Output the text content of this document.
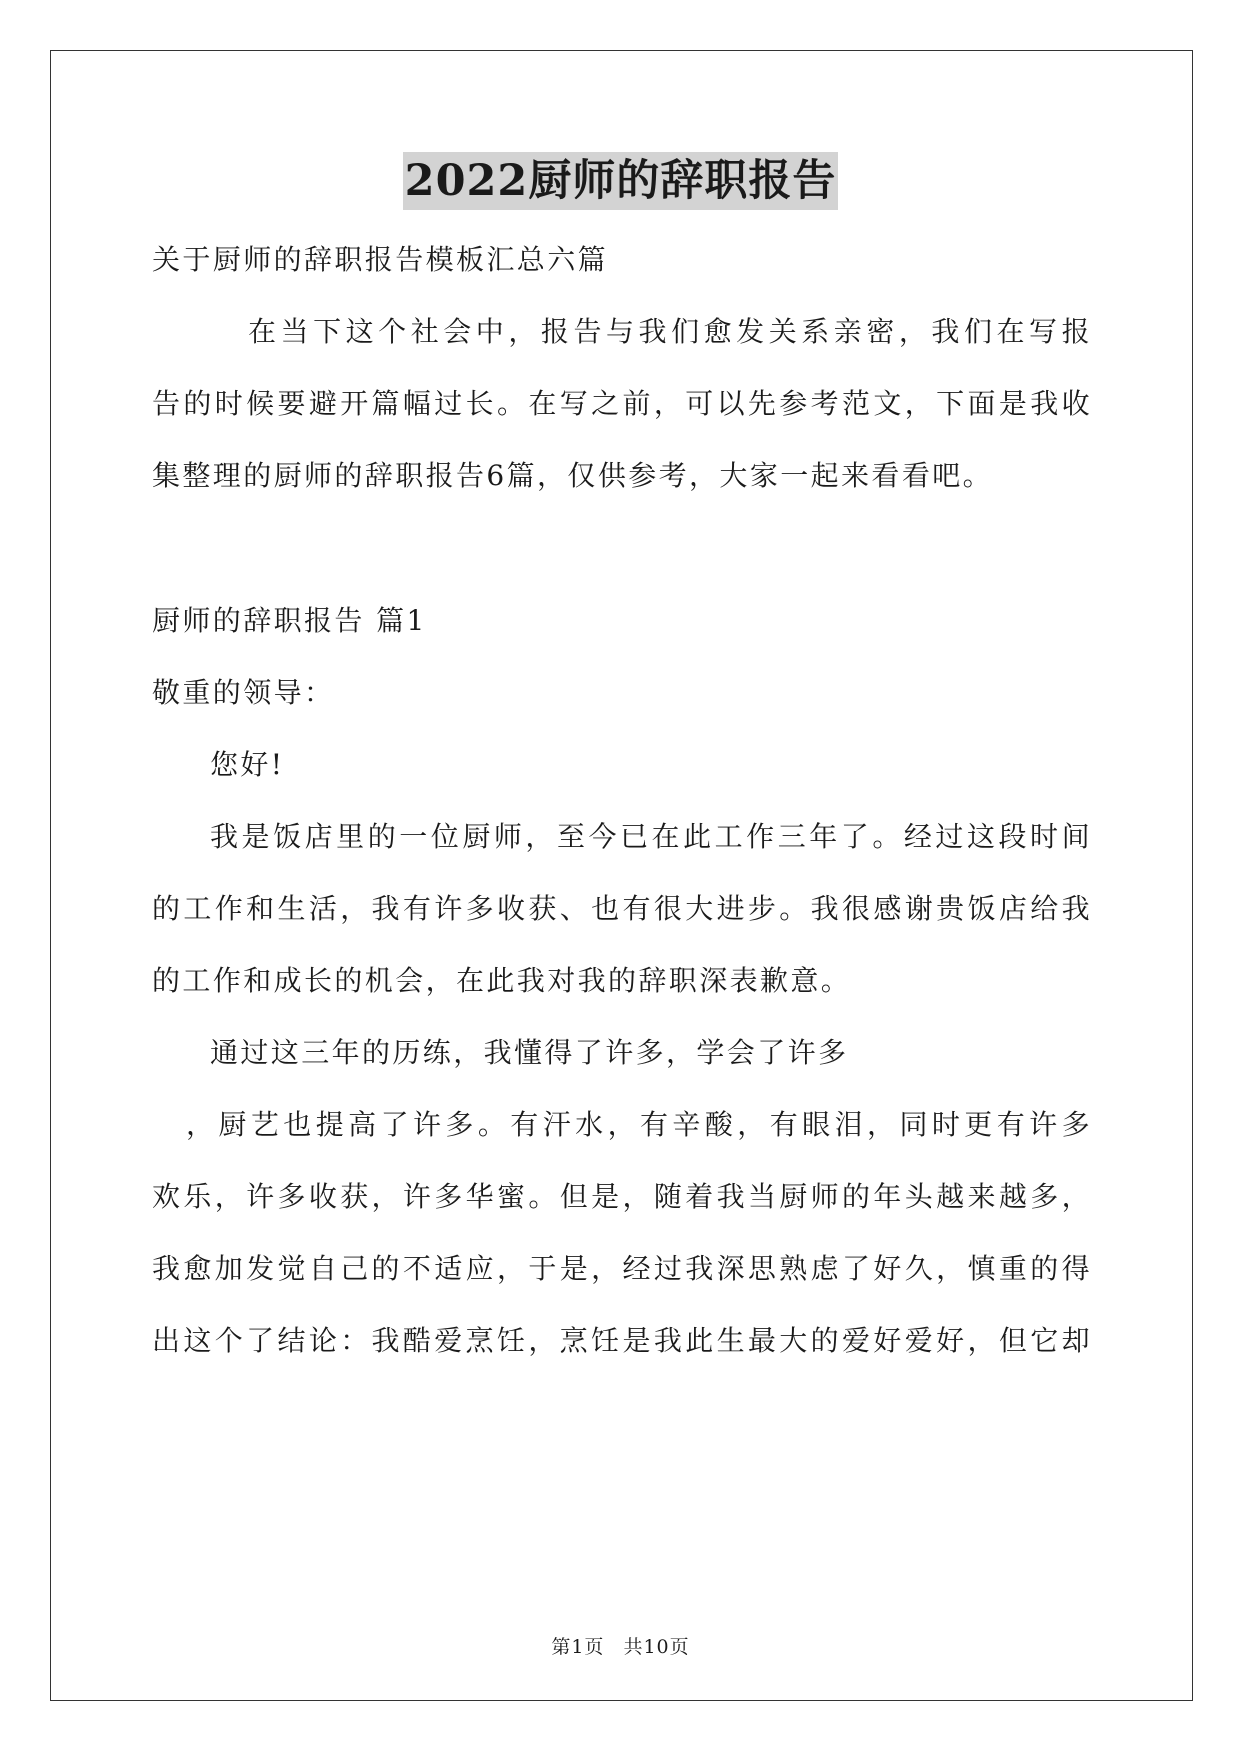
2022厨师的辞职报告
关于厨师的辞职报告模板汇总六篇
在当下这个社会中，报告与我们愈发关系亲密，我们在写报
告的时候要避开篇幅过长。在写之前，可以先参考范文，下面是我收
集整理的厨师的辞职报告6篇，仅供参考，大家一起来看看吧。
厨师的辞职报告 篇1
敬重的领导：
您好!
我是饭店里的一位厨师，至今已在此工作三年了。经过这段时间
的工作和生活，我有许多收获、也有很大进步。我很感谢贵饭店给我
的工作和成长的机会，在此我对我的辞职深表歉意。
通过这三年的历练，我懂得了许多，学会了许多
，厨艺也提高了许多。有汗水，有辛酸，有眼泪，同时更有许多
欢乐，许多收获，许多华蜜。但是，随着我当厨师的年头越来越多，
我愈加发觉自己的不适应，于是，经过我深思熟虑了好久，慎重的得
出这个了结论：我酷爱烹饪，烹饪是我此生最大的爱好爱好，但它却
第1页 共10页
